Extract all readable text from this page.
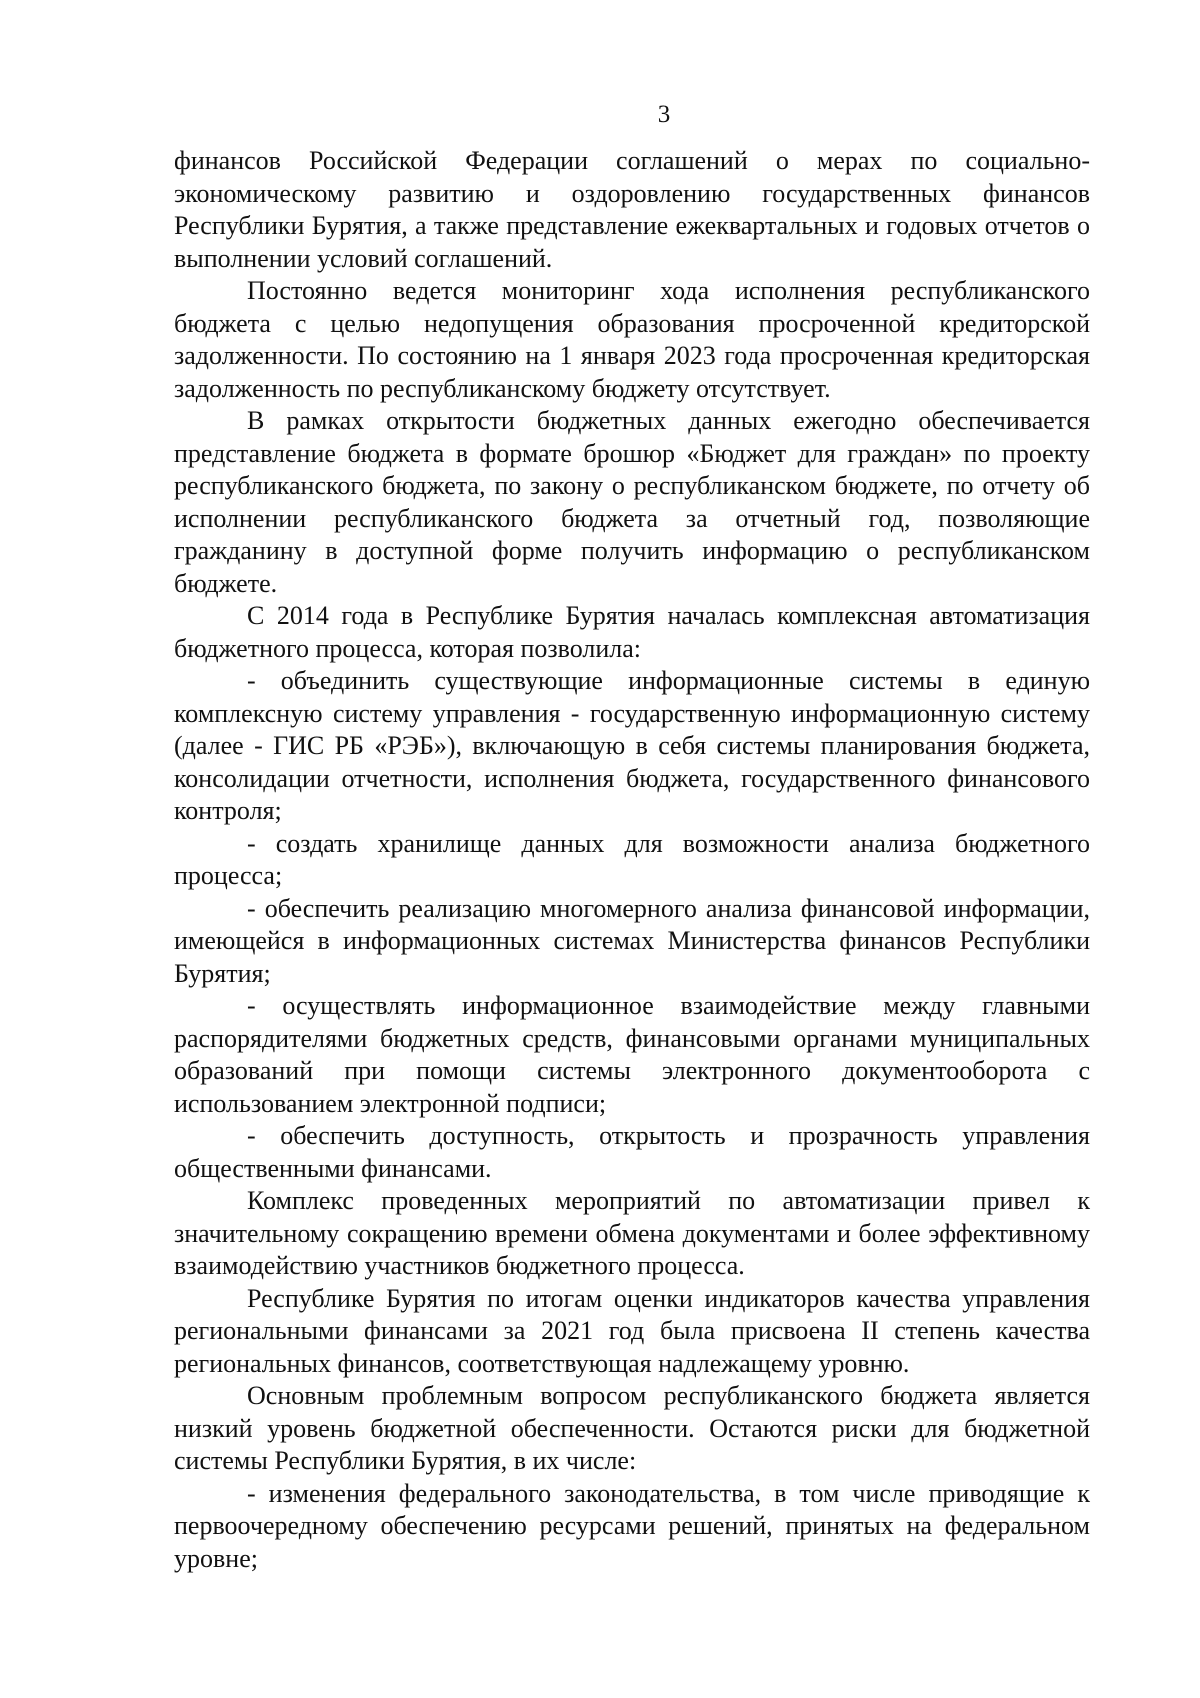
3

финансов Российской Федерации соглашений о мерах по социально-экономическому развитию и оздоровлению государственных финансов Республики Бурятия, а также представление ежеквартальных и годовых отчетов о выполнении условий соглашений.

Постоянно ведется мониторинг хода исполнения республиканского бюджета с целью недопущения образования просроченной кредиторской задолженности. По состоянию на 1 января 2023 года просроченная кредиторская задолженность по республиканскому бюджету отсутствует.

В рамках открытости бюджетных данных ежегодно обеспечивается представление бюджета в формате брошюр «Бюджет для граждан» по проекту республиканского бюджета, по закону о республиканском бюджете, по отчету об исполнении республиканского бюджета за отчетный год, позволяющие гражданину в доступной форме получить информацию о республиканском бюджете.

С 2014 года в Республике Бурятия началась комплексная автоматизация бюджетного процесса, которая позволила:

- объединить существующие информационные системы в единую комплексную систему управления - государственную информационную систему (далее - ГИС РБ «РЭБ»), включающую в себя системы планирования бюджета, консолидации отчетности, исполнения бюджета, государственного финансового контроля;

- создать хранилище данных для возможности анализа бюджетного процесса;

- обеспечить реализацию многомерного анализа финансовой информации, имеющейся в информационных системах Министерства финансов Республики Бурятия;

- осуществлять информационное взаимодействие между главными распорядителями бюджетных средств, финансовыми органами муниципальных образований при помощи системы электронного документооборота с использованием электронной подписи;

- обеспечить доступность, открытость и прозрачность управления общественными финансами.

Комплекс проведенных мероприятий по автоматизации привел к значительному сокращению времени обмена документами и более эффективному взаимодействию участников бюджетного процесса.

Республике Бурятия по итогам оценки индикаторов качества управления региональными финансами за 2021 год была присвоена II степень качества региональных финансов, соответствующая надлежащему уровню.

Основным проблемным вопросом республиканского бюджета является низкий уровень бюджетной обеспеченности. Остаются риски для бюджетной системы Республики Бурятия, в их числе:

- изменения федерального законодательства, в том числе приводящие к первоочередному обеспечению ресурсами решений, принятых на федеральном уровне;
